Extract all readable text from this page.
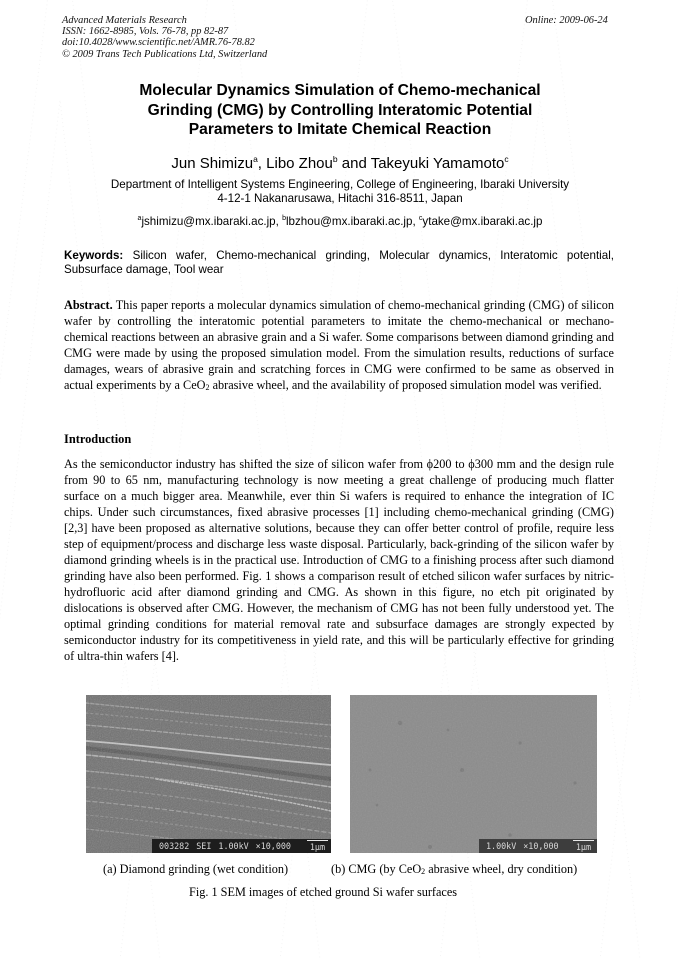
Advanced Materials Research
ISSN: 1662-8985, Vols. 76-78, pp 82-87
doi:10.4028/www.scientific.net/AMR.76-78.82
© 2009 Trans Tech Publications Ltd, Switzerland
Online: 2009-06-24
Molecular Dynamics Simulation of Chemo-mechanical
Grinding (CMG) by Controlling Interatomic Potential
Parameters to Imitate Chemical Reaction
Jun Shimizu$^a$, Libo Zhou$^b$ and Takeyuki Yamamoto$^c$
Department of Intelligent Systems Engineering, College of Engineering, Ibaraki University
4-12-1 Nakanarusawa, Hitachi 316-8511, Japan
$^a$jshimizu@mx.ibaraki.ac.jp, $^b$lbzhou@mx.ibaraki.ac.jp, $^c$ytake@mx.ibaraki.ac.jp
Keywords: Silicon wafer, Chemo-mechanical grinding, Molecular dynamics, Interatomic potential, Subsurface damage, Tool wear
Abstract. This paper reports a molecular dynamics simulation of chemo-mechanical grinding (CMG) of silicon wafer by controlling the interatomic potential parameters to imitate the chemo-mechanical or mechano-chemical reactions between an abrasive grain and a Si wafer. Some comparisons between diamond grinding and CMG were made by using the proposed simulation model. From the simulation results, reductions of surface damages, wears of abrasive grain and scratching forces in CMG were confirmed to be same as observed in actual experiments by a CeO2 abrasive wheel, and the availability of proposed simulation model was verified.
Introduction
As the semiconductor industry has shifted the size of silicon wafer from ϕ200 to ϕ300 mm and the design rule from 90 to 65 nm, manufacturing technology is now meeting a great challenge of producing much flatter surface on a much bigger area. Meanwhile, ever thin Si wafers is required to enhance the integration of IC chips. Under such circumstances, fixed abrasive processes [1] including chemo-mechanical grinding (CMG) [2,3] have been proposed as alternative solutions, because they can offer better control of profile, require less step of equipment/process and discharge less waste disposal. Particularly, back-grinding of the silicon wafer by diamond grinding wheels is in the practical use. Introduction of CMG to a finishing process after such diamond grinding have also been performed. Fig. 1 shows a comparison result of etched silicon wafer surfaces by nitric-hydrofluoric acid after diamond grinding and CMG. As shown in this figure, no etch pit originated by dislocations is observed after CMG. However, the mechanism of CMG has not been fully understood yet. The optimal grinding conditions for material removal rate and subsurface damages are strongly expected by semiconductor industry for its competitiveness in yield rate, and this will be particularly effective for grinding of ultra-thin wafers [4].
003282 SEI 1.00kV ×10,000 1μm	1.00kV ×10,000 1μm
(a) Diamond grinding (wet condition)	(b) CMG (by CeO2 abrasive wheel, dry condition)
Fig. 1 SEM images of etched ground Si wafer surfaces
